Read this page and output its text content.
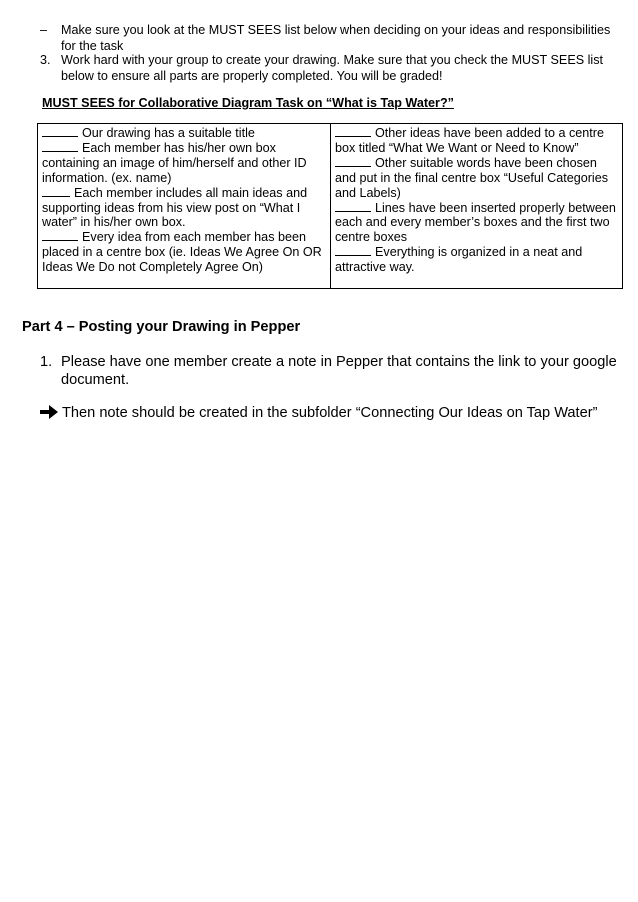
– Make sure you look at the MUST SEES list below when deciding on your ideas and responsibilities for the task
3. Work hard with your group to create your drawing. Make sure that you check the MUST SEES list below to ensure all parts are properly completed. You will be graded!
MUST SEES for Collaborative Diagram Task on “What is Tap Water?”
Our drawing has a suitable title
Each member has his/her own box containing an image of him/herself and other ID information. (ex. name)
Each member includes all main ideas and supporting ideas from his view post on “What I water” in his/her own box.
Every idea from each member has been placed in a centre box (ie. Ideas We Agree On OR Ideas We Do not Completely Agree On)
Other ideas have been added to a centre box titled “What We Want or Need to Know”
Other suitable words have been chosen and put in the final centre box “Useful Categories and Labels)
Lines have been inserted properly between each and every member’s boxes and the first two centre boxes
Everything is organized in a neat and attractive way.
Part 4 – Posting your Drawing in Pepper
1. Please have one member create a note in Pepper that contains the link to your google document.
Then note should be created in the subfolder “Connecting Our Ideas on Tap Water”
